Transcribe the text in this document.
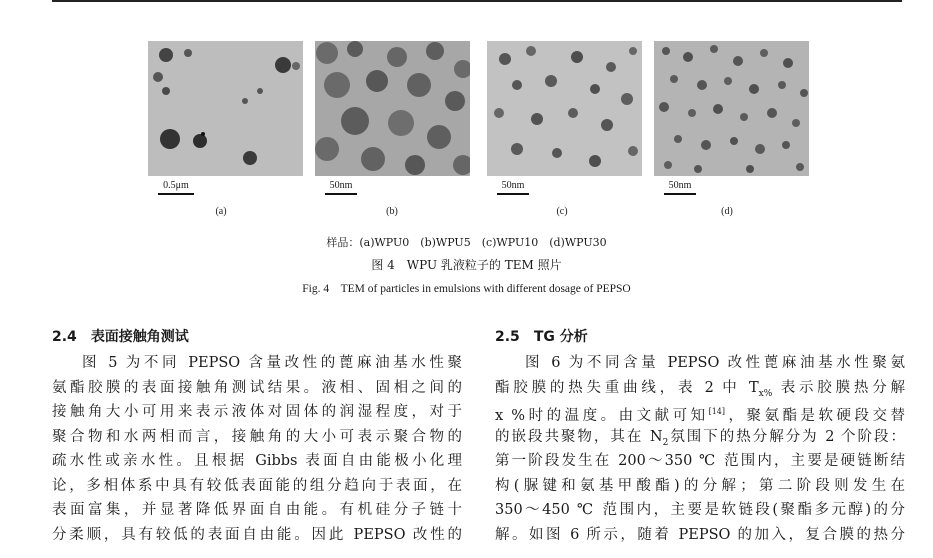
0.5μm	50nm	50nm	50nm
(a)	(b)	(c)	(d)
样品：(a)WPU0　(b)WPU5　(c)WPU10　(d)WPU30
图 4　WPU 乳液粒子的 TEM 照片
Fig. 4　TEM of particles in emulsions with different dosage of PEPSO
2.4 表面接触角测试
图 5 为不同 PEPSO 含量改性的蓖麻油基水性聚
氨酯胶膜的表面接触角测试结果。液相、固相之间的
接触角大小可用来表示液体对固体的润湿程度，对于
聚合物和水两相而言，接触角的大小可表示聚合物的
疏水性或亲水性。且根据 Gibbs 表面自由能极小化理
论，多相体系中具有较低表面能的组分趋向于表面，在
表面富集，并显著降低界面自由能。有机硅分子链十
分柔顺，具有较低的表面自由能。因此 PEPSO 改性的
2.5 TG 分析
图 6 为不同含量 PEPSO 改性蓖麻油基水性聚氨
酯胶膜的热失重曲线，表 2 中 $T_{x\%}$ 表示胶膜热分解
x %时的温度。由文献可知[14]，聚氨酯是软硬段交替
的嵌段共聚物，其在 $N_2$氛围下的热分解分为 2 个阶段：
第一阶段发生在 200～350 ℃ 范围内，主要是硬链断结
构(脲键和氨基甲酸酯)的分解；第二阶段则发生在
350～450 ℃ 范围内，主要是软链段(聚酯多元醇)的分
解。如图 6 所示，随着 PEPSO 的加入，复合膜的热分
